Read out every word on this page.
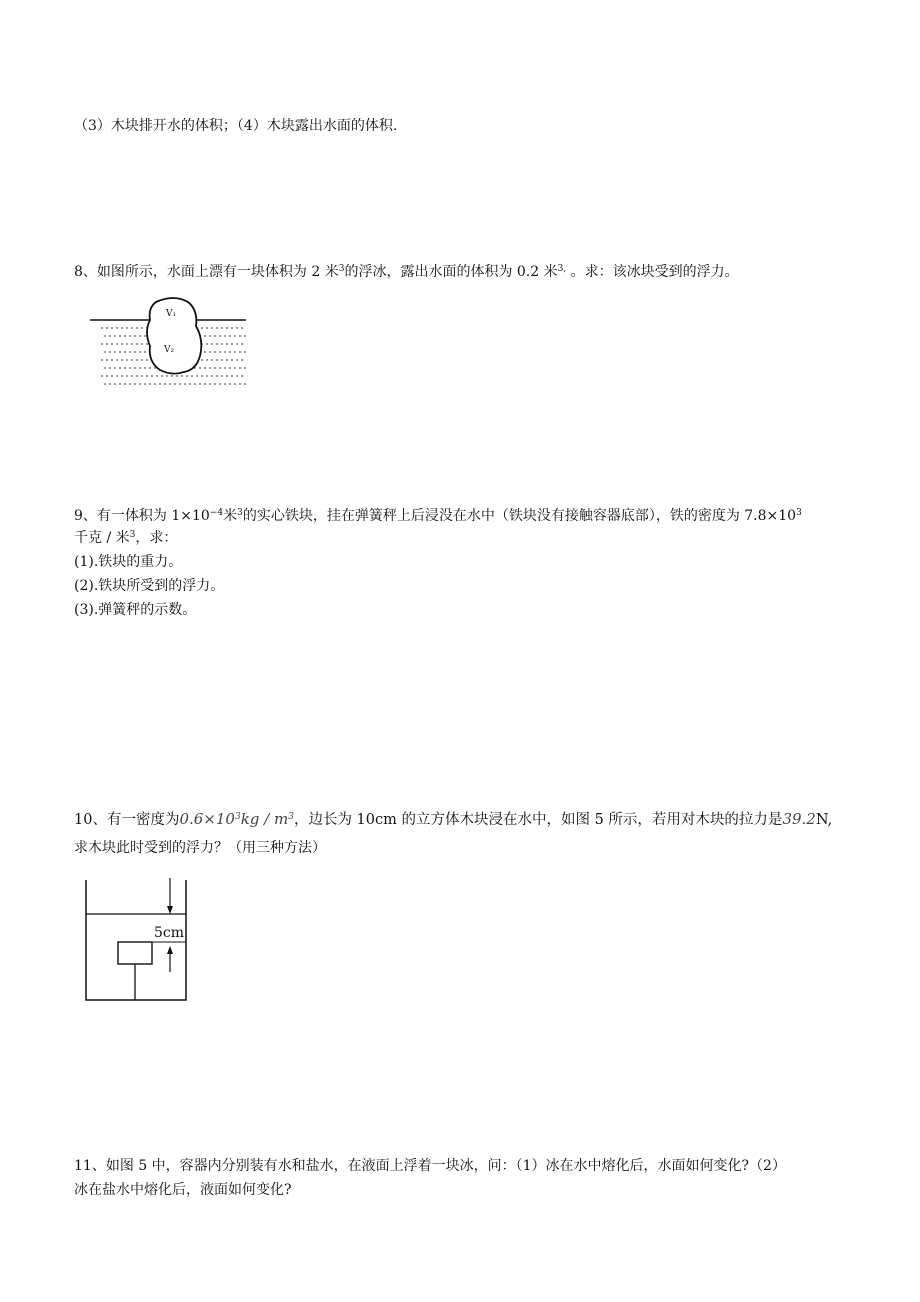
（3）木块排开水的体积；（4）木块露出水面的体积.
8、如图所示，水面上漂有一块体积为 2 米$^3$的浮冰，露出水面的体积为 0.2 米$^{3,}$ 。求：该冰块受到的浮力。
V₁
V₂
9、有一体积为 $1\times 10^{-4}$米$^3$的实心铁块，挂在弹簧秤上后浸没在水中（铁块没有接触容器底部），铁的密度为 $7.8\times 10^3$
千克 / 米$^3$，求：
(1).铁块的重力。
(2).铁块所受到的浮力。
(3).弹簧秤的示数。
10、有一密度为$0.6\times 10^3kg / m^3$，边长为 10cm 的立方体木块浸在水中，如图 5 所示，若用对木块的拉力是39.2N,
求木块此时受到的浮力？（用三种方法）
5cm
11、如图 5 中，容器内分别装有水和盐水，在液面上浮着一块冰，问：（1）冰在水中熔化后，水面如何变化?（2）
冰在盐水中熔化后，液面如何变化?
